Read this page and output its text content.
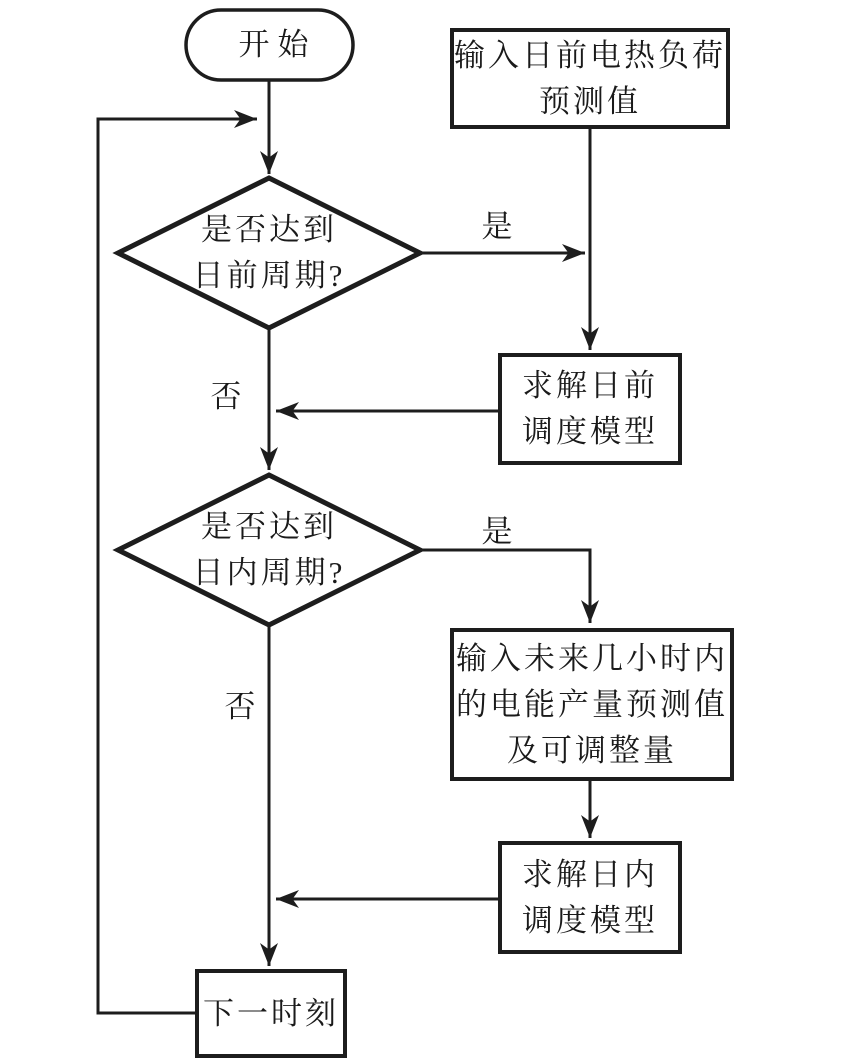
开始	输入日前电热负荷
预测值
是否达到
日前周期?
求解日前
调度模型
是否达到
日内周期?
输入未来几小时内
的电能产量预测值
及可调整量
求解日内
调度模型
下一时刻
是
否
是
否
